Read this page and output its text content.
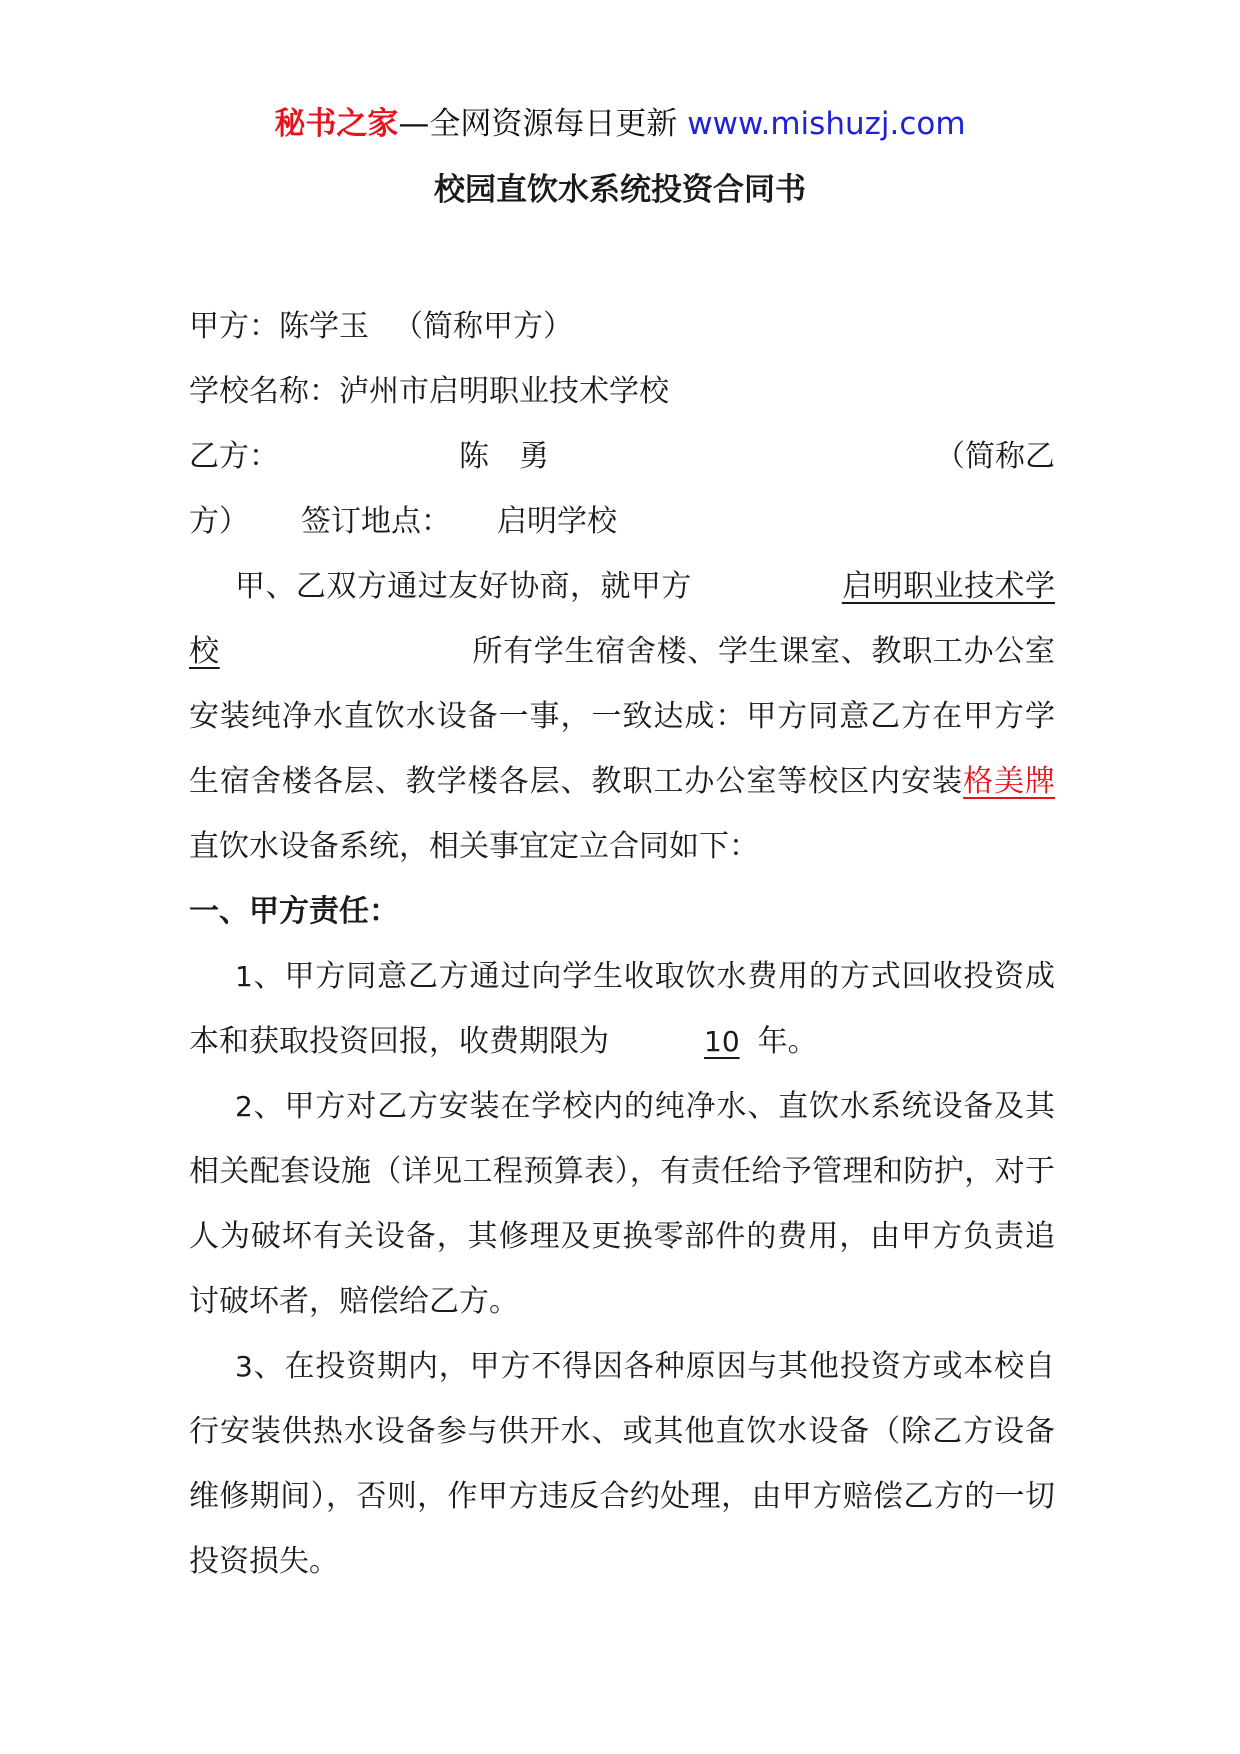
秘书之家—全网资源每日更新 www.mishuzj.com
校园直饮水系统投资合同书
甲方：陈学玉 （简称甲方）
学校名称：泸州市启明职业技术学校
乙方：	陈　勇	（简称乙
方） 签订地点： 启明学校

甲、乙双方通过友好协商，就甲方	启明职业技术学校	所有学生宿舍楼、学生课室、教职工办公室安装纯净水直饮水设备一事，一致达成：甲方同意乙方在甲方学生宿舍楼各层、教学楼各层、教职工办公室等校区内安装格美牌直饮水设备系统，相关事宜定立合同如下：

一、甲方责任：

1、甲方同意乙方通过向学生收取饮水费用的方式回收投资成本和获取投资回报，收费期限为	10 年。

2、甲方对乙方安装在学校内的纯净水、直饮水系统设备及其相关配套设施（详见工程预算表），有责任给予管理和防护，对于人为破坏有关设备，其修理及更换零部件的费用，由甲方负责追讨破坏者，赔偿给乙方。

3、在投资期内，甲方不得因各种原因与其他投资方或本校自行安装供热水设备参与供开水、或其他直饮水设备（除乙方设备维修期间），否则，作甲方违反合约处理，由甲方赔偿乙方的一切投资损失。
